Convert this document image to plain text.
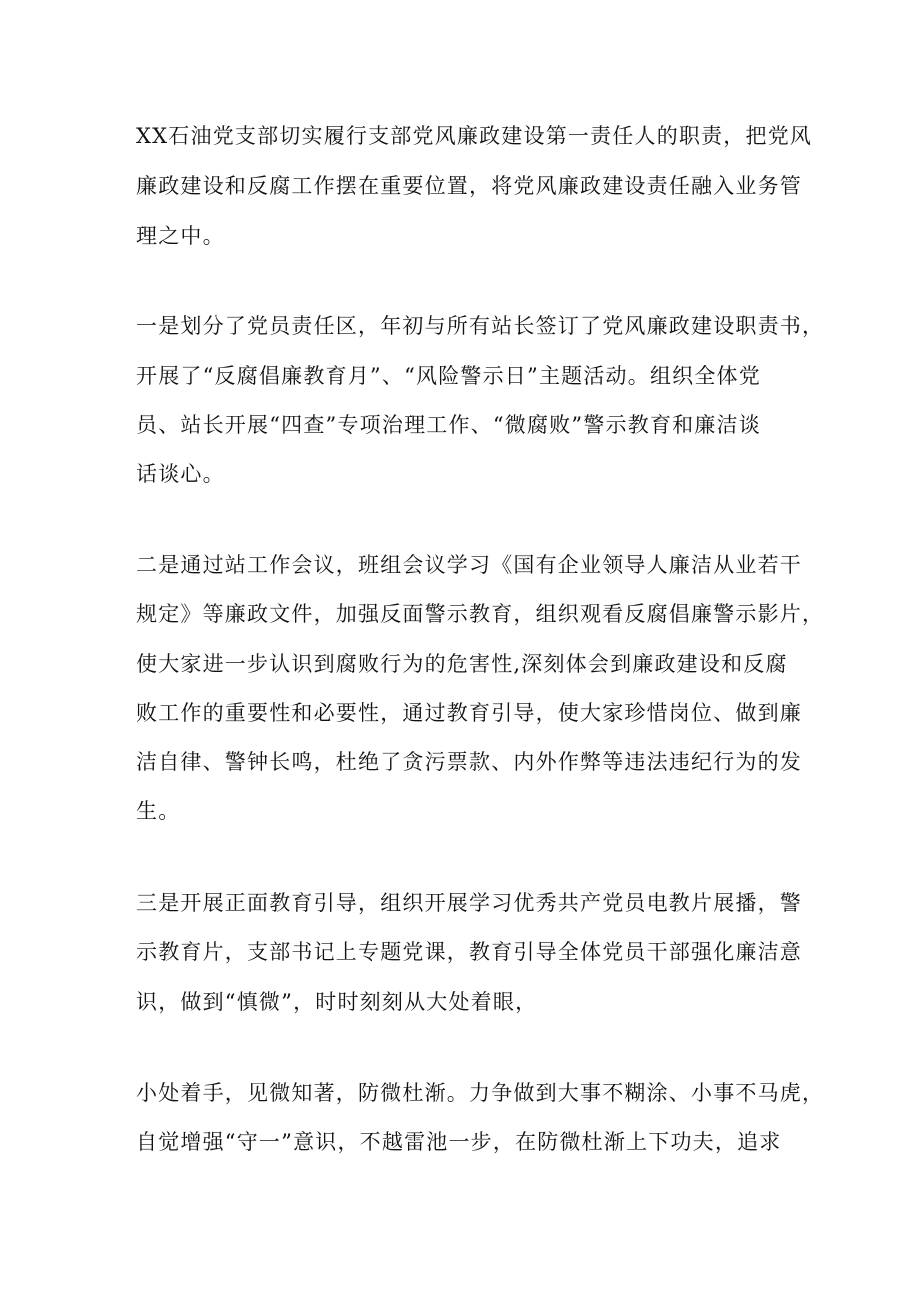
XX石油党支部切实履行支部党风廉政建设第一责任人的职责，把党风
廉政建设和反腐工作摆在重要位置，将党风廉政建设责任融入业务管
理之中。
一是划分了党员责任区，年初与所有站长签订了党风廉政建设职责书，
开展了“反腐倡廉教育月”、“风险警示日”主题活动。组织全体党
员、站长开展“四查”专项治理工作、“微腐败”警示教育和廉洁谈
话谈心。
二是通过站工作会议，班组会议学习《国有企业领导人廉洁从业若干
规定》等廉政文件，加强反面警示教育，组织观看反腐倡廉警示影片，
使大家进一步认识到腐败行为的危害性,深刻体会到廉政建设和反腐
败工作的重要性和必要性，通过教育引导，使大家珍惜岗位、做到廉
洁自律、警钟长鸣，杜绝了贪污票款、内外作弊等违法违纪行为的发
生。
三是开展正面教育引导，组织开展学习优秀共产党员电教片展播，警
示教育片，支部书记上专题党课，教育引导全体党员干部强化廉洁意
识，做到“慎微”，时时刻刻从大处着眼，
小处着手，见微知著，防微杜渐。力争做到大事不糊涂、小事不马虎，
自觉增强“守一”意识，不越雷池一步，在防微杜渐上下功夫，追求
